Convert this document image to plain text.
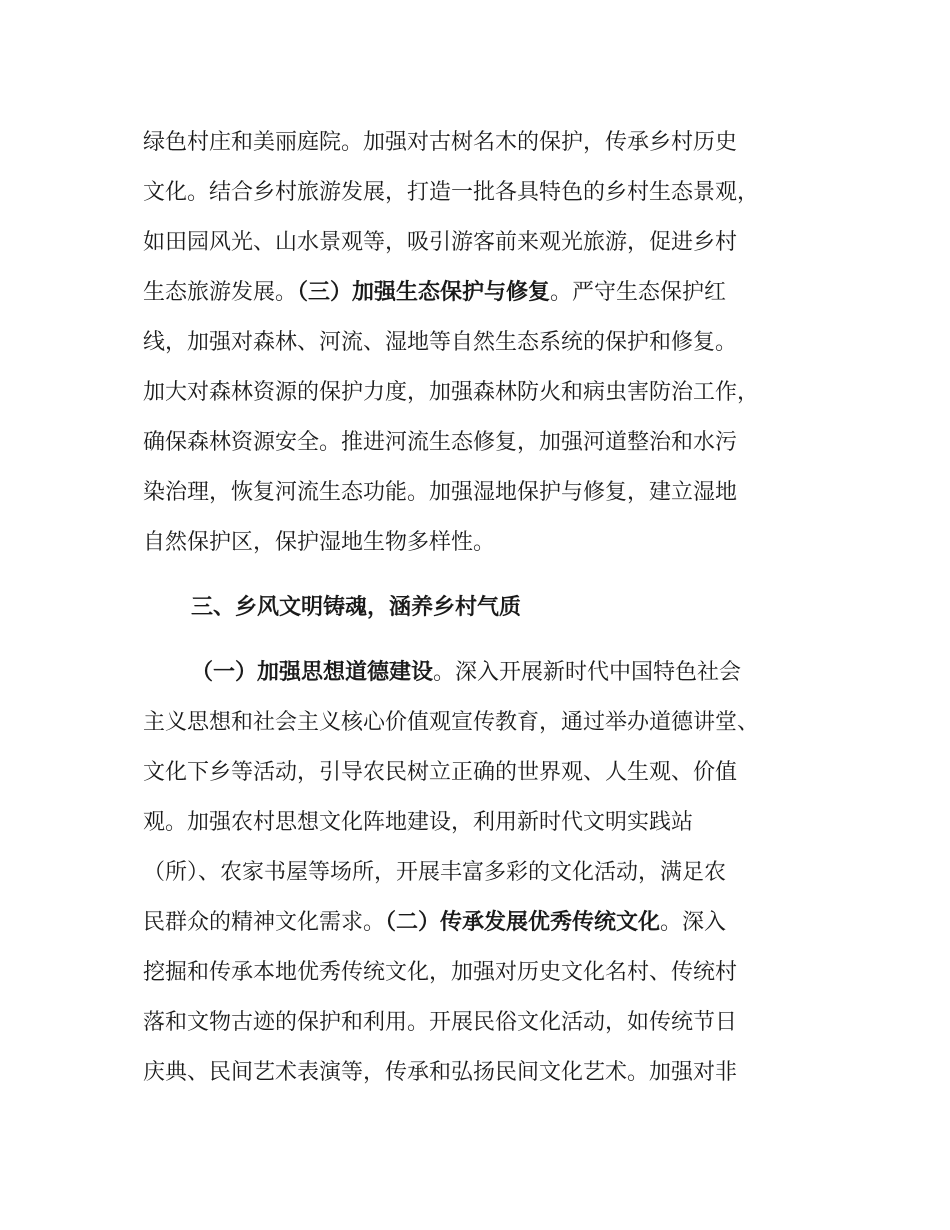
绿色村庄和美丽庭院。加强对古树名木的保护，传承乡村历史
文化。结合乡村旅游发展，打造一批各具特色的乡村生态景观，
如田园风光、山水景观等，吸引游客前来观光旅游，促进乡村
生态旅游发展。（三）加强生态保护与修复。严守生态保护红
线，加强对森林、河流、湿地等自然生态系统的保护和修复。
加大对森林资源的保护力度，加强森林防火和病虫害防治工作，
确保森林资源安全。推进河流生态修复，加强河道整治和水污
染治理，恢复河流生态功能。加强湿地保护与修复，建立湿地
自然保护区，保护湿地生物多样性。
三、乡风文明铸魂，涵养乡村气质
（一）加强思想道德建设。深入开展新时代中国特色社会
主义思想和社会主义核心价值观宣传教育，通过举办道德讲堂、
文化下乡等活动，引导农民树立正确的世界观、人生观、价值
观。加强农村思想文化阵地建设，利用新时代文明实践站
（所）、农家书屋等场所，开展丰富多彩的文化活动，满足农
民群众的精神文化需求。（二）传承发展优秀传统文化。深入
挖掘和传承本地优秀传统文化，加强对历史文化名村、传统村
落和文物古迹的保护和利用。开展民俗文化活动，如传统节日
庆典、民间艺术表演等，传承和弘扬民间文化艺术。加强对非
